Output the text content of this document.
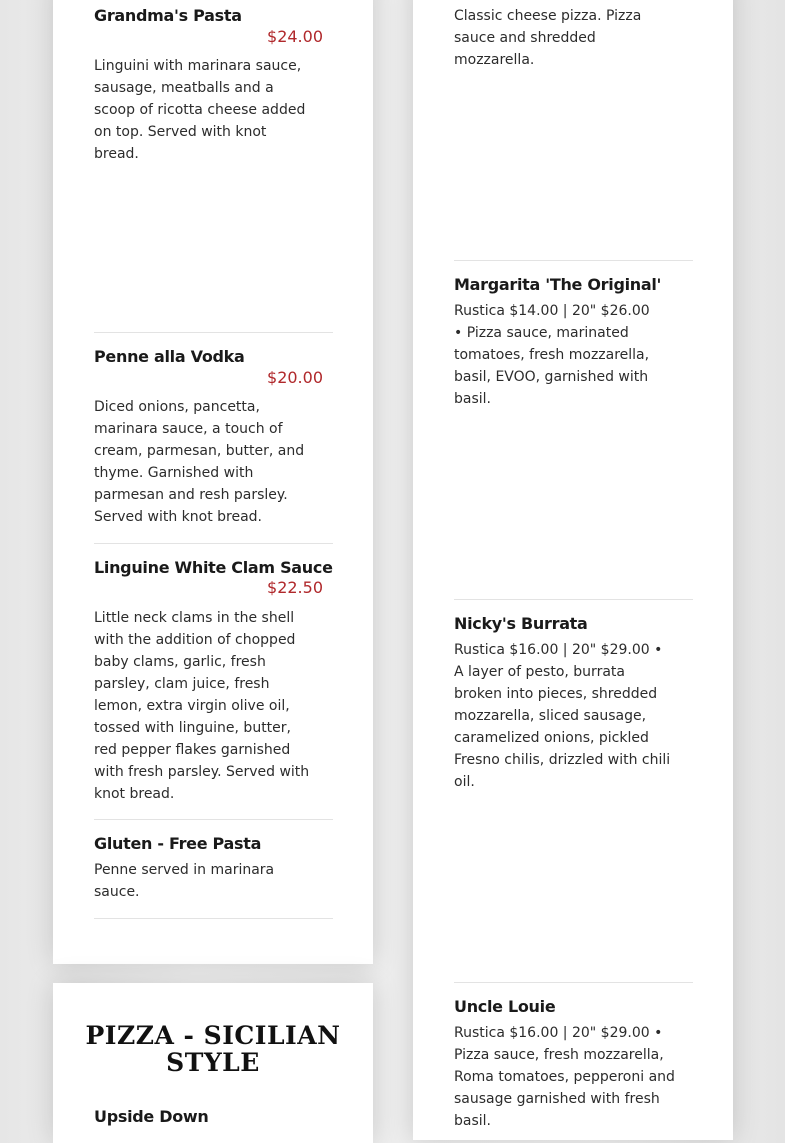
Grandma's Pasta
$24.00
Linguini with marinara sauce, sausage, meatballs and a scoop of ricotta cheese added on top. Served with knot bread.
Penne alla Vodka
$20.00
Diced onions, pancetta, marinara sauce, a touch of cream, parmesan, butter, and thyme. Garnished with parmesan and resh parsley. Served with knot bread.
Linguine White Clam Sauce
$22.50
Little neck clams in the shell with the addition of chopped baby clams, garlic, fresh parsley, clam juice, fresh lemon, extra virgin olive oil, tossed with linguine, butter, red pepper flakes garnished with fresh parsley. Served with knot bread.
Gluten - Free Pasta
Penne served in marinara sauce.
PIZZA - SICILIAN STYLE
Upside Down
Classic cheese pizza. Pizza sauce and shredded mozzarella.
Margarita 'The Original'
Rustica $14.00 | 20" $26.00 • Pizza sauce, marinated tomatoes, fresh mozzarella, basil, EVOO, garnished with basil.
Nicky's Burrata
Rustica $16.00 | 20" $29.00 • A layer of pesto, burrata broken into pieces, shredded mozzarella, sliced sausage, caramelized onions, pickled Fresno chilis, drizzled with chili oil.
Uncle Louie
Rustica $16.00 | 20" $29.00 • Pizza sauce, fresh mozzarella, Roma tomatoes, pepperoni and sausage garnished with fresh basil.
